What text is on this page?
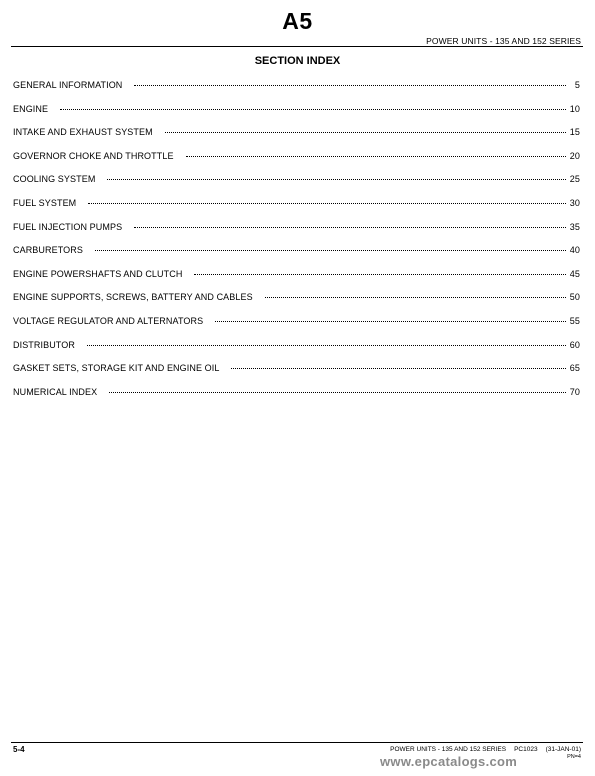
A5
POWER UNITS - 135 AND 152 SERIES
SECTION INDEX
GENERAL INFORMATION	5
ENGINE	10
INTAKE AND EXHAUST SYSTEM	15
GOVERNOR CHOKE AND THROTTLE	20
COOLING SYSTEM	25
FUEL SYSTEM	30
FUEL INJECTION PUMPS	35
CARBURETORS	40
ENGINE POWERSHAFTS AND CLUTCH	45
ENGINE SUPPORTS, SCREWS, BATTERY AND CABLES	50
VOLTAGE REGULATOR AND ALTERNATORS	55
DISTRIBUTOR	60
GASKET SETS, STORAGE KIT AND ENGINE OIL	65
NUMERICAL INDEX	70
5-4	POWER UNITS - 135 AND 152 SERIES PC1023 (31-JAN-01)
PN=4
www.epcatalogs.com
